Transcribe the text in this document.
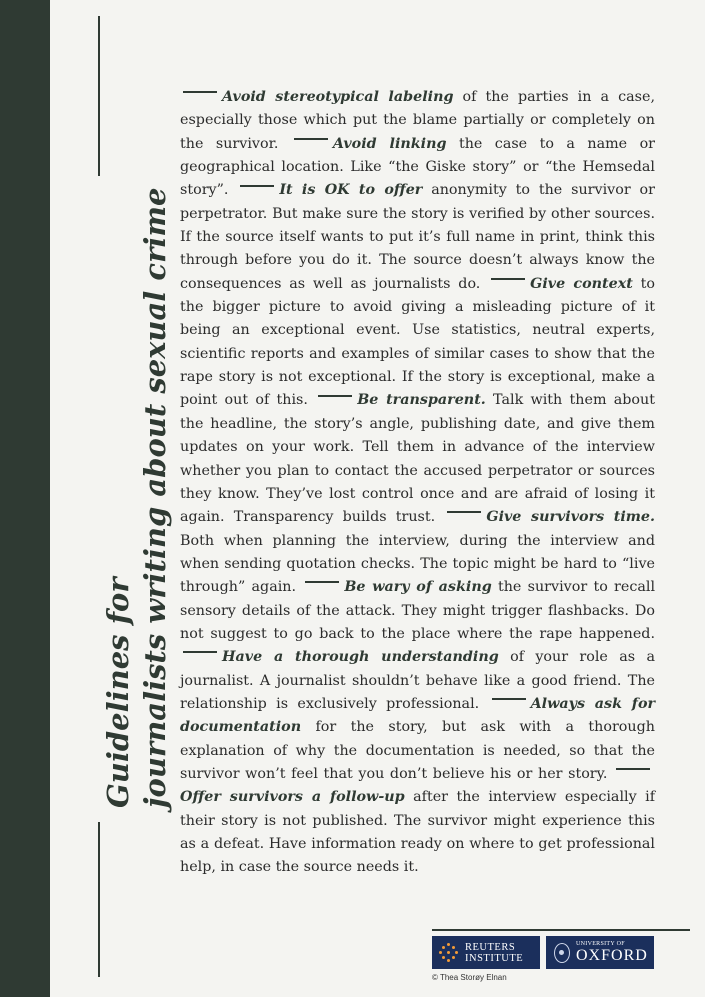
Guidelines for journalists writing about sexual crime

Avoid stereotypical labeling of the parties in a case, especially those which put the blame partially or completely on the survivor.	Avoid linking the case to a name or geographical location. Like “the Giske story” or “the Hemsedal story”.	It is OK to offer anonymity to the survivor or perpetrator. But make sure the story is verified by other sources. If the source itself wants to put it’s full name in print, think this through before you do it. The source doesn’t always know the consequences as well as journalists do.	Give context to the bigger picture to avoid giving a misleading picture of it being an exceptional event. Use statistics, neutral experts, scientific reports and examples of similar cases to show that the rape story is not exceptional. If the story is exceptional, make a point out of this.	Be transparent. Talk with them about the headline, the story’s angle, publishing date, and give them updates on your work. Tell them in advance of the interview whether you plan to contact the accused perpetrator or sources they know. They’ve lost control once and are afraid of losing it again. Transparency builds trust.	Give survivors time. Both when planning the interview, during the interview and when sending quotation checks. The topic might be hard to “live through” again.	Be wary of asking the survivor to recall sensory details of the attack. They might trigger flashbacks. Do not suggest to go back to the place where the rape happened. Have a thorough understanding of your role as a journalist. A journalist shouldn’t behave like a good friend. The relationship is exclusively professional.	Always ask for documentation for the story, but ask with a thorough explanation of why the documentation is needed, so that the survivor won’t feel that you don’t believe his or her story. Offer survivors a follow-up after the interview especially if their story is not published. The survivor might experience this as a defeat. Have information ready on where to get professional help, in case the source needs it.

REUTERS
INSTITUTE
UNIVERSITY OF
OXFORD
© Thea Storøy Elnan
